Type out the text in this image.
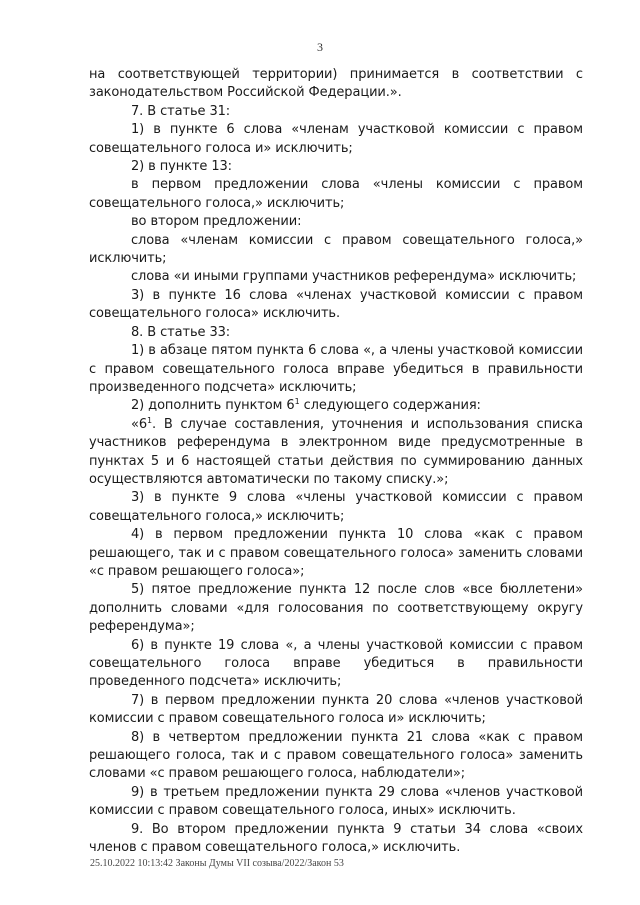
3

на соответствующей территории) принимается в соответствии с законодательством Российской Федерации.».

7. В статье 31:

1) в пункте 6 слова «членам участковой комиссии с правом совещательного голоса и» исключить;

2) в пункте 13:

в первом предложении слова «члены комиссии с правом совещательного голоса,» исключить;

во втором предложении:

слова «членам комиссии с правом совещательного голоса,» исключить;

слова «и иными группами участников референдума» исключить;

3) в пункте 16 слова «членах участковой комиссии с правом совещательного голоса» исключить.

8. В статье 33:

1) в абзаце пятом пункта 6 слова «, а члены участковой комиссии с правом совещательного голоса вправе убедиться в правильности произведенного подсчета» исключить;

2) дополнить пунктом $6^1$ следующего содержания:

«$6^1$. В случае составления, уточнения и использования списка участников референдума в электронном виде предусмотренные в пунктах 5 и 6 настоящей статьи действия по суммированию данных осуществляются автоматически по такому списку.»;

3) в пункте 9 слова «члены участковой комиссии с правом совещательного голоса,» исключить;

4) в первом предложении пункта 10 слова «как с правом решающего, так и с правом совещательного голоса» заменить словами «с правом решающего голоса»;

5) пятое предложение пункта 12 после слов «все бюллетени» дополнить словами «для голосования по соответствующему округу референдума»;

6) в пункте 19 слова «, а члены участковой комиссии с правом совещательного голоса вправе убедиться в правильности проведенного подсчета» исключить;

7) в первом предложении пункта 20 слова «членов участковой комиссии с правом совещательного голоса и» исключить;

8) в четвертом предложении пункта 21 слова «как с правом решающего голоса, так и с правом совещательного голоса» заменить словами «с правом решающего голоса, наблюдатели»;

9) в третьем предложении пункта 29 слова «членов участковой комиссии с правом совещательного голоса, иных» исключить.

9. Во втором предложении пункта 9 статьи 34 слова «своих членов с правом совещательного голоса,» исключить.

25.10.2022 10:13:42 Законы Думы VII созыва/2022/Закон 53
